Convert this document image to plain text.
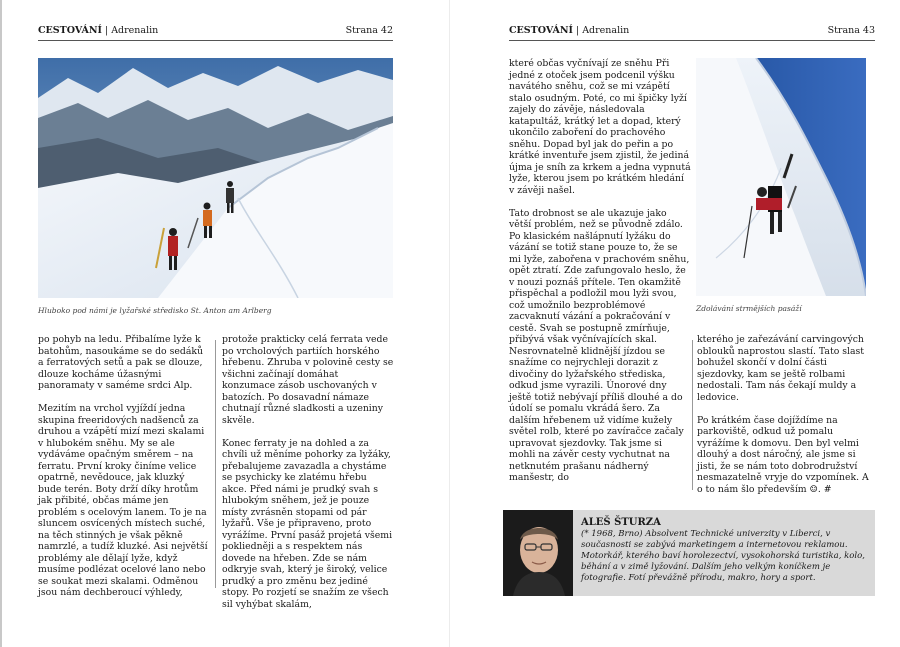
CESTOVÁNÍ | Adrenalin	Strana 42
Hluboko pod námi je lyžařské středisko St. Anton am Arlberg

po pohyb na ledu. Přibalíme lyže k batohům, nasoukáme se do sedáků a ferratových setů a pak se dlouze, dlouze kocháme úžasnými panoramaty v saméme srdci Alp.

Mezitím na vrchol vyjíždí jedna skupina freeridových nadšenců za druhou a vzápětí mizí mezi skalami v hlubokém sněhu. My se ale vydáváme opačným směrem – na ferratu. První kroky činíme velice opatrně, nevědouce, jak kluzký bude terén. Boty drží díky hrotům jak přibité, občas máme jen problém s ocelovým lanem. To je na sluncem osvícených místech suché, na těch stinných je však pěkně namrzlé, a tudíž kluzké. Asi největší problémy ale dělají lyže, když musíme podlézat ocelové lano nebo se soukat mezi skalami. Odměnou jsou nám dechberoucí výhledy,

protože prakticky celá ferrata vede po vrcholových partiích horského hřebenu. Zhruba v polovině cesty se všichni začínají domáhat konzumace zásob uschovaných v batozích. Po dosavadní námaze chutnají různé sladkosti a uzeniny skvěle.

Konec ferraty je na dohled a za chvíli už měníme pohorky za lyžáky, přebalujeme zavazadla a chystáme se psychicky ke zlatému hřebu akce. Před námi je prudký svah s hlubokým sněhem, jež je pouze místy zvrásněn stopami od pár lyžařů. Vše je připraveno, proto vyrážíme. První pasáž projetá všemi pokliedněji a s respektem nás dovede na hřeben. Zde se nám odkryje svah, který je široký, velice prudký a pro změnu bez jediné stopy. Po rozjetí se snažím ze všech sil vyhýbat skalám,

CESTOVÁNÍ | Adrenalin	Strana 43

které občas vyčnívají ze sněhu Při jedné z otoček jsem podcenil výšku navátého sněhu, což se mi vzápětí stalo osudným. Poté, co mi špičky lyží zajely do závěje, následovala katapultáž, krátký let a dopad, který ukončilo zaboření do prachového sněhu. Dopad byl jak do peřin a po krátké inventuře jsem zjistil, že jediná újma je sníh za krkem a jedna vypnutá lyže, kterou jsem po krátkém hledání v závěji našel.

Tato drobnost se ale ukazuje jako větší problém, než se původně zdálo. Po klasickém našlápnutí lyžáku do vázání se totiž stane pouze to, že se mi lyže, zabořena v prachovém sněhu, opět ztratí. Zde zafungovalo heslo, že v nouzi poznáš přítele. Ten okamžitě přispěchal a podložil mou lyži svou, což umožnilo bezproblémové zacvaknutí vázání a pokračování v cestě. Svah se postupně zmírňuje, přibývá však vyčnívajících skal. Nesrovnatelně klidnější jízdou se snažíme co nejrychleji dorazit z divočiny do lyžařského střediska, odkud jsme vyrazili. Únorové dny ještě totiž nebývají příliš dlouhé a do údolí se pomalu vkrádá šero. Za dalším hřebenem už vidíme kužely světel rolb, které po zavíračce začaly upravovat sjezdovky. Tak jsme si mohli na závěr cesty vychutnat na netknutém prašanu nádherný manšestr, do

Zdolávání strmějších pasáží

kterého je zařezávání carvingových oblouků naprostou slastí. Tato slast bohužel skončí v dolní části sjezdovky, kam se ještě rolbami nedostali. Tam nás čekají muldy a ledovice.

Po krátkém čase dojíždíme na parkoviště, odkud už pomalu vyrážíme k domovu. Den byl velmi dlouhý a dost náročný, ale jsme si jisti, že se nám toto dobrodružství nesmazatelně vryje do vzpomínek. A o to nám šlo především ☺. #

ALEŠ ŠTURZA
(* 1968, Brno) Absolvent Technické univerzity v Liberci, v současnosti se zabývá marketingem a internetovou reklamou. Motorkář, kterého baví horolezectví, vysokohorská turistika, kolo, běhání a v zimě lyžování. Dalším jeho velkým koníčkem je fotografie. Fotí převážně přírodu, makro, hory a sport.
